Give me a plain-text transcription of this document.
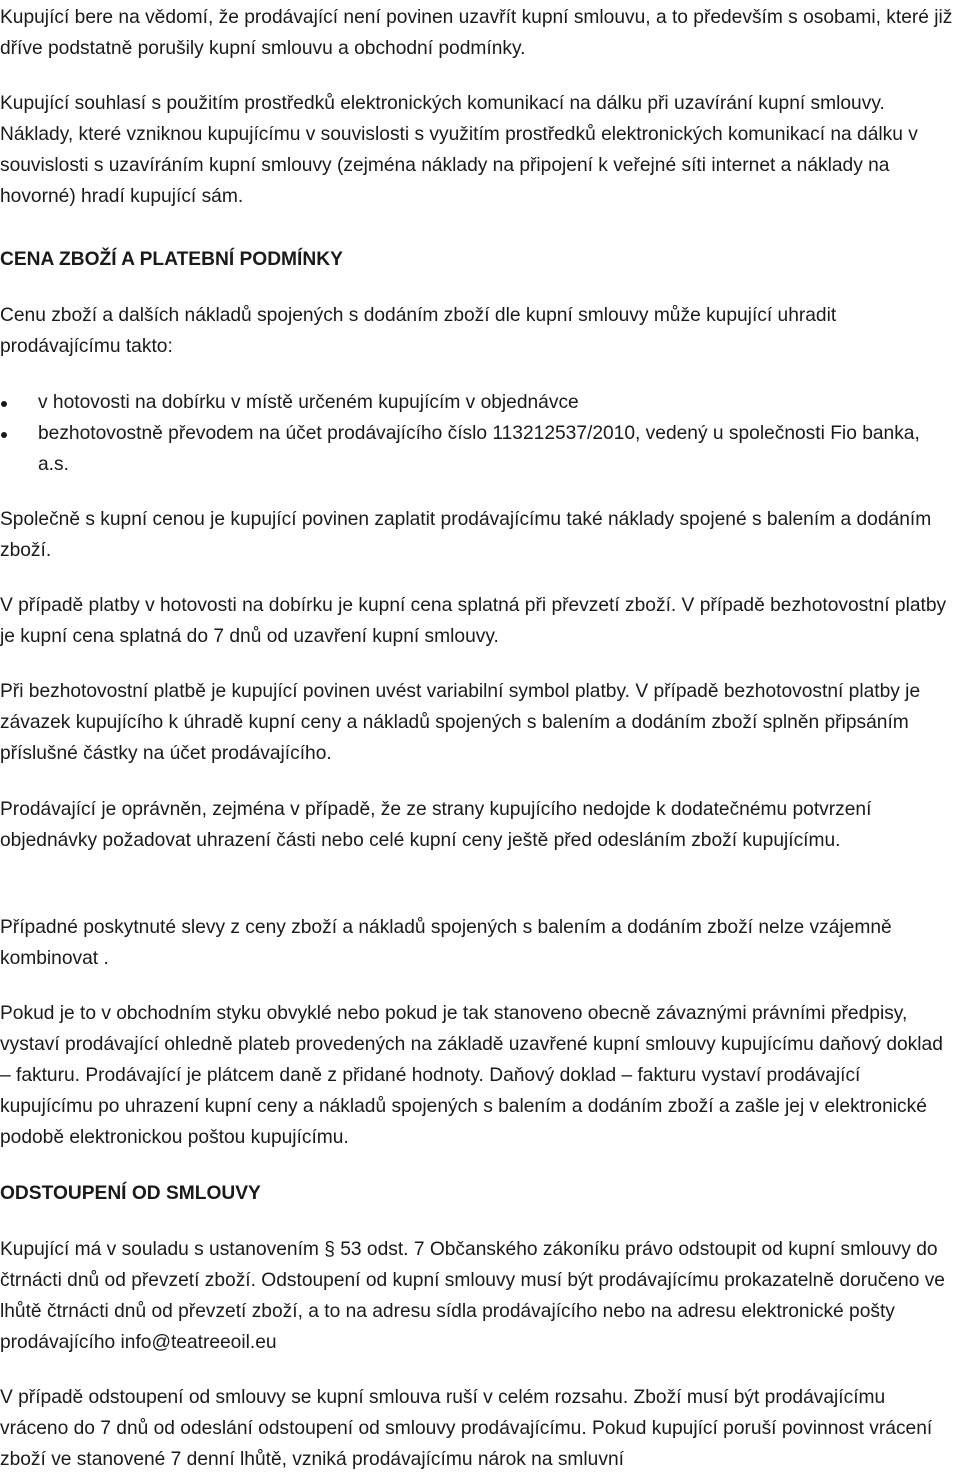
Kupující bere na vědomí, že prodávající není povinen uzavřít kupní smlouvu, a to především s osobami, které již dříve podstatně porušily kupní smlouvu a obchodní podmínky.

Kupující souhlasí s použitím prostředků elektronických komunikací na dálku při uzavírání kupní smlouvy. Náklady, které vzniknou kupujícímu v souvislosti s využitím prostředků elektronických komunikací na dálku v souvislosti s uzavíráním kupní smlouvy (zejména náklady na připojení k veřejné síti internet a náklady na hovorné) hradí kupující sám.

CENA ZBOŽÍ A PLATEBNÍ PODMÍNKY

Cenu zboží a dalších nákladů spojených s dodáním zboží dle kupní smlouvy může kupující uhradit prodávajícímu takto:

v hotovosti na dobírku v místě určeném kupujícím v objednávce
bezhotovostně převodem na účet prodávajícího číslo 113212537/2010, vedený u společnosti Fio banka, a.s.

Společně s kupní cenou je kupující povinen zaplatit prodávajícímu také náklady spojené s balením a dodáním zboží.

V případě platby v hotovosti na dobírku je kupní cena splatná při převzetí zboží. V případě bezhotovostní platby je kupní cena splatná do 7 dnů od uzavření kupní smlouvy.

Při bezhotovostní platbě je kupující povinen uvést variabilní symbol platby. V případě bezhotovostní platby je závazek kupujícího k úhradě kupní ceny a nákladů spojených s balením a dodáním zboží splněn připsáním příslušné částky na účet prodávajícího.

Prodávající je oprávněn, zejména v případě, že ze strany kupujícího nedojde k dodatečnému potvrzení objednávky požadovat uhrazení části nebo celé kupní ceny ještě před odesláním zboží kupujícímu.

Případné poskytnuté slevy z ceny zboží a nákladů spojených s balením a dodáním zboží nelze vzájemně kombinovat .

Pokud je to v obchodním styku obvyklé nebo pokud je tak stanoveno obecně závaznými právními předpisy, vystaví prodávající ohledně plateb provedených na základě uzavřené kupní smlouvy kupujícímu daňový doklad – fakturu. Prodávající je plátcem daně z přidané hodnoty. Daňový doklad – fakturu vystaví prodávající kupujícímu po uhrazení kupní ceny a nákladů spojených s balením a dodáním zboží a zašle jej v elektronické podobě elektronickou poštou kupujícímu.

ODSTOUPENÍ OD SMLOUVY

Kupující má v souladu s ustanovením § 53 odst. 7 Občanského zákoníku právo odstoupit od kupní smlouvy do čtrnácti dnů od převzetí zboží. Odstoupení od kupní smlouvy musí být prodávajícímu prokazatelně doručeno ve lhůtě čtrnácti dnů od převzetí zboží, a to na adresu sídla prodávajícího nebo na adresu elektronické pošty prodávajícího info@teatreeoil.eu

V případě odstoupení od smlouvy se kupní smlouva ruší v celém rozsahu. Zboží musí být prodávajícímu vráceno do 7 dnů od odeslání odstoupení od smlouvy prodávajícímu. Pokud kupující poruší povinnost vrácení zboží ve stanovené 7 denní lhůtě, vzniká prodávajícímu nárok na smluvní
